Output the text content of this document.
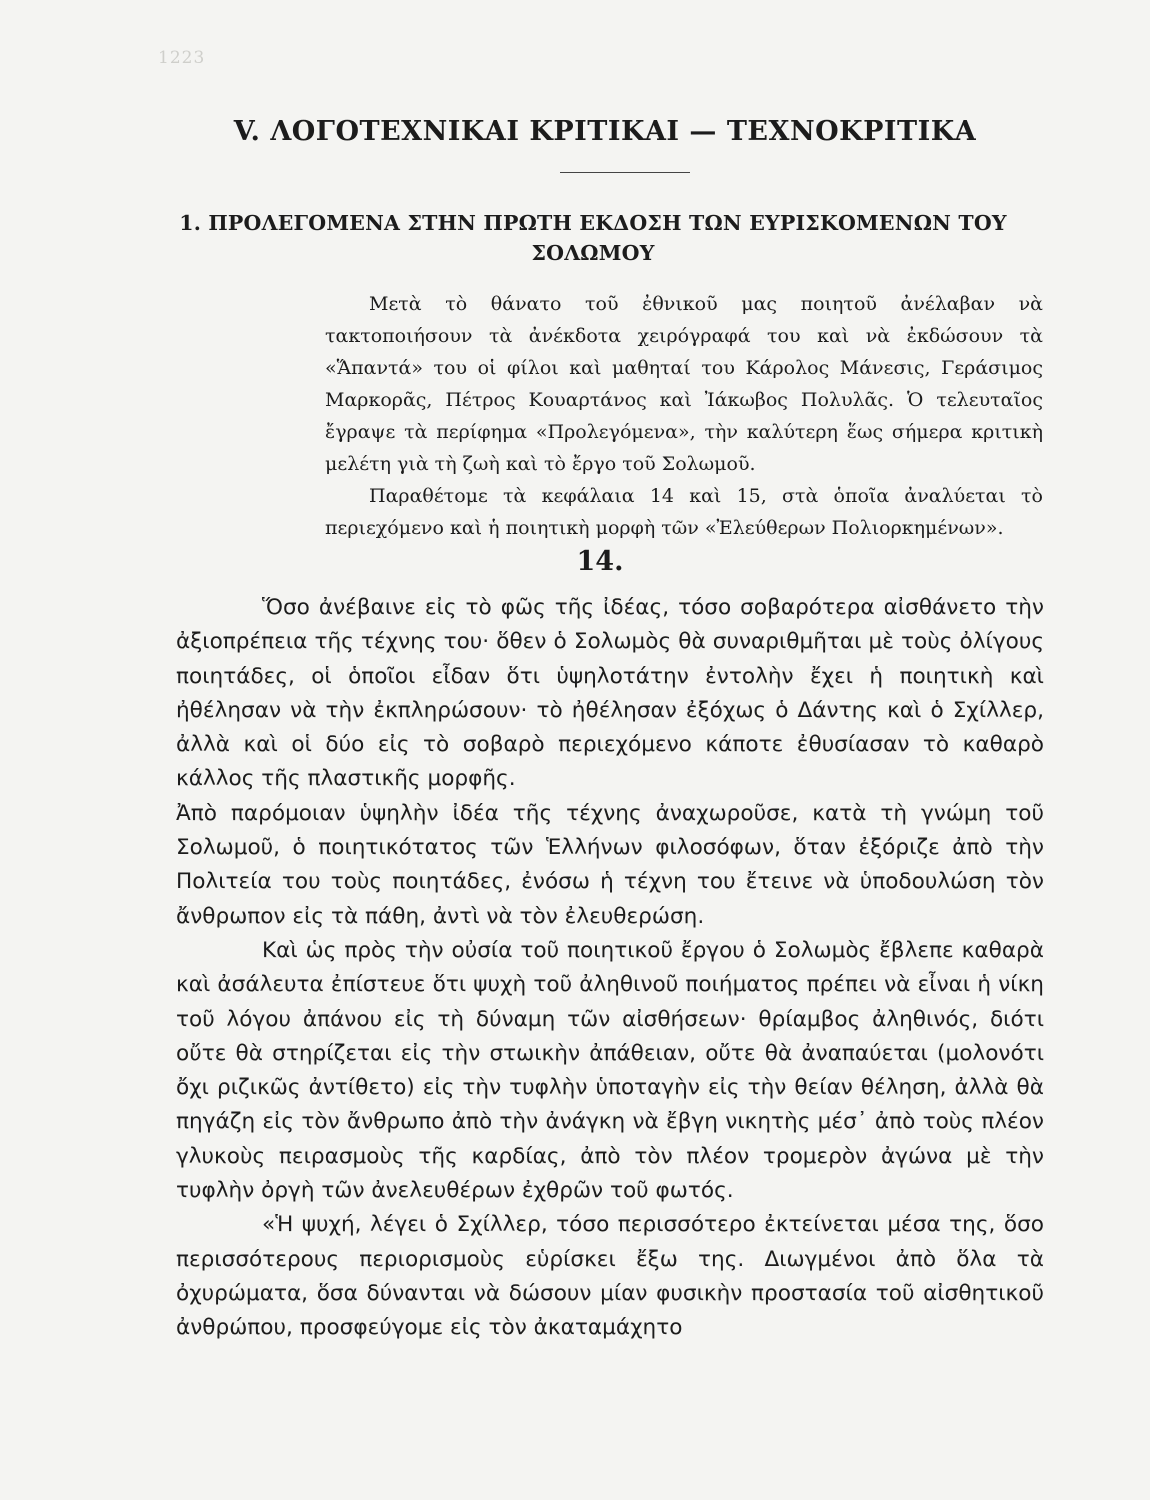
1223
V. ΛΟΓΟΤΕΧΝΙΚΑΙ ΚΡΙΤΙΚΑΙ — ΤΕΧΝΟΚΡΙΤΙΚΑ
1. ΠΡΟΛΕΓΟΜΕΝΑ ΣΤΗΝ ΠΡΩΤΗ ΕΚΔΟΣΗ ΤΩΝ ΕΥΡΙΣΚΟΜΕΝΩΝ ΤΟΥ ΣΟΛΩΜΟΥ

Μετὰ τὸ θάνατο τοῦ ἐθνικοῦ μας ποιητοῦ ἀνέλαβαν νὰ τακτοποιήσουν τὰ ἀνέκδοτα χειρόγραφά του καὶ νὰ ἐκδώσουν τὰ «Ἅπαντά» του οἱ φίλοι καὶ μαθηταί του Κάρολος Μάνεσις, Γεράσιμος Μαρκορᾶς, Πέτρος Κουαρτάνος καὶ Ἰάκωβος Πολυλᾶς. Ὁ τελευταῖος ἔγραψε τὰ περίφημα «Προλεγόμενα», τὴν καλύτερη ἕως σήμερα κριτικὴ μελέτη γιὰ τὴ ζωὴ καὶ τὸ ἔργο τοῦ Σολωμοῦ.

Παραθέτομε τὰ κεφάλαια 14 καὶ 15, στὰ ὁποῖα ἀναλύεται τὸ περιεχόμενο καὶ ἡ ποιητικὴ μορφὴ τῶν «Ἐλεύθερων Πολιορκημένων».

14.

Ὅσο ἀνέβαινε εἰς τὸ φῶς τῆς ἰδέας, τόσο σοβαρότερα αἰσθάνετο τὴν ἀξιοπρέπεια τῆς τέχνης του· ὅθεν ὁ Σολωμὸς θὰ συναριθμῆται μὲ τοὺς ὀλίγους ποιητάδες, οἱ ὁποῖοι εἶδαν ὅτι ὑψηλοτάτην ἐντολὴν ἔχει ἡ ποιητικὴ καὶ ἠθέλησαν νὰ τὴν ἐκπληρώσουν· τὸ ἠθέλησαν ἐξόχως ὁ Δάντης καὶ ὁ Σχίλλερ, ἀλλὰ καὶ οἱ δύο εἰς τὸ σοβαρὸ περιεχόμενο κάποτε ἐθυσίασαν τὸ καθαρὸ κάλλος τῆς πλαστικῆς μορφῆς.

Ἀπὸ παρόμοιαν ὑψηλὴν ἰδέα τῆς τέχνης ἀναχωροῦσε, κατὰ τὴ γνώμη τοῦ Σολωμοῦ, ὁ ποιητικότατος τῶν Ἑλλήνων φιλοσόφων, ὅταν ἐξόριζε ἀπὸ τὴν Πολιτεία του τοὺς ποιητάδες, ἐνόσω ἡ τέχνη του ἔτεινε νὰ ὑποδουλώση τὸν ἄνθρωπον εἰς τὰ πάθη, ἀντὶ νὰ τὸν ἐλευθερώση.

Καὶ ὡς πρὸς τὴν οὐσία τοῦ ποιητικοῦ ἔργου ὁ Σολωμὸς ἔβλεπε καθαρὰ καὶ ἀσάλευτα ἐπίστευε ὅτι ψυχὴ τοῦ ἀληθινοῦ ποιήματος πρέπει νὰ εἶναι ἡ νίκη τοῦ λόγου ἀπάνου εἰς τὴ δύναμη τῶν αἰσθήσεων· θρίαμβος ἀληθινός, διότι οὔτε θὰ στηρίζεται εἰς τὴν στωικὴν ἀπάθειαν, οὔτε θὰ ἀναπαύεται (μολονότι ὄχι ριζικῶς ἀντίθετο) εἰς τὴν τυφλὴν ὑποταγὴν εἰς τὴν θείαν θέληση, ἀλλὰ θὰ πηγάζη εἰς τὸν ἄνθρωπο ἀπὸ τὴν ἀνάγκη νὰ ἔβγη νικητὴς μέσ᾽ ἀπὸ τοὺς πλέον γλυκοὺς πειρασμοὺς τῆς καρδίας, ἀπὸ τὸν πλέον τρομερὸν ἀγώνα μὲ τὴν τυφλὴν ὀργὴ τῶν ἀνελευθέρων ἐχθρῶν τοῦ φωτός.

«Ἡ ψυχή, λέγει ὁ Σχίλλερ, τόσο περισσότερο ἐκτείνεται μέσα της, ὅσο περισσότερους περιορισμοὺς εὑρίσκει ἔξω της. Διωγμένοι ἀπὸ ὅλα τὰ ὀχυρώματα, ὅσα δύνανται νὰ δώσουν μίαν φυσικὴν προστασία τοῦ αἰσθητικοῦ ἀνθρώπου, προσφεύγομε εἰς τὸν ἀκαταμάχητο
